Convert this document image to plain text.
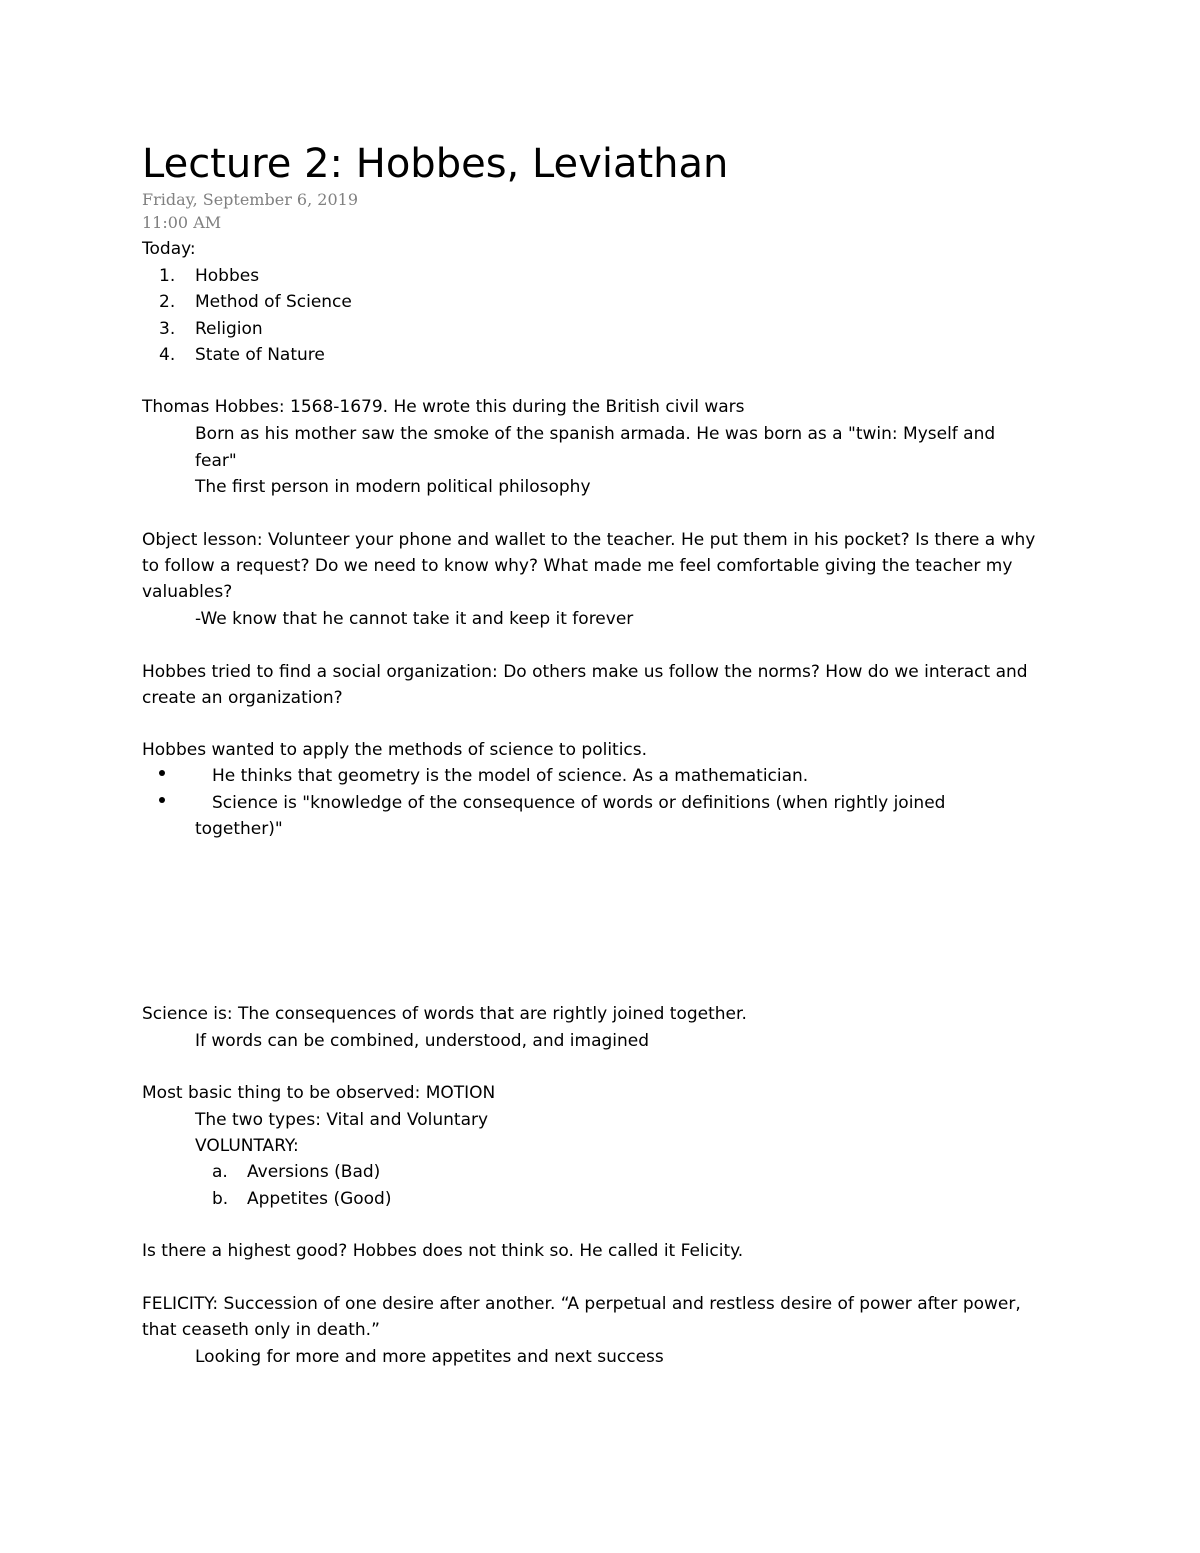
Lecture 2: Hobbes, Leviathan
Friday, September 6, 2019
11:00 AM
Today:
1. Hobbes
2. Method of Science
3. Religion
4. State of Nature
Thomas Hobbes: 1568-1679. He wrote this during the British civil wars
Born as his mother saw the smoke of the spanish armada. He was born as a "twin: Myself and
fear"
The first person in modern political philosophy
Object lesson: Volunteer your phone and wallet to the teacher. He put them in his pocket? Is there a why
to follow a request? Do we need to know why? What made me feel comfortable giving the teacher my
valuables?
-We know that he cannot take it and keep it forever
Hobbes tried to find a social organization: Do others make us follow the norms? How do we interact and
create an organization?
Hobbes wanted to apply the methods of science to politics.
He thinks that geometry is the model of science. As a mathematician.
Science is "knowledge of the consequence of words or definitions (when rightly joined
together)"
Science is: The consequences of words that are rightly joined together.
If words can be combined, understood, and imagined
Most basic thing to be observed: MOTION
The two types: Vital and Voluntary
VOLUNTARY:
a. Aversions (Bad)
b. Appetites (Good)
Is there a highest good? Hobbes does not think so. He called it Felicity.
FELICITY: Succession of one desire after another. “A perpetual and restless desire of power after power,
that ceaseth only in death.”
Looking for more and more appetites and next success
